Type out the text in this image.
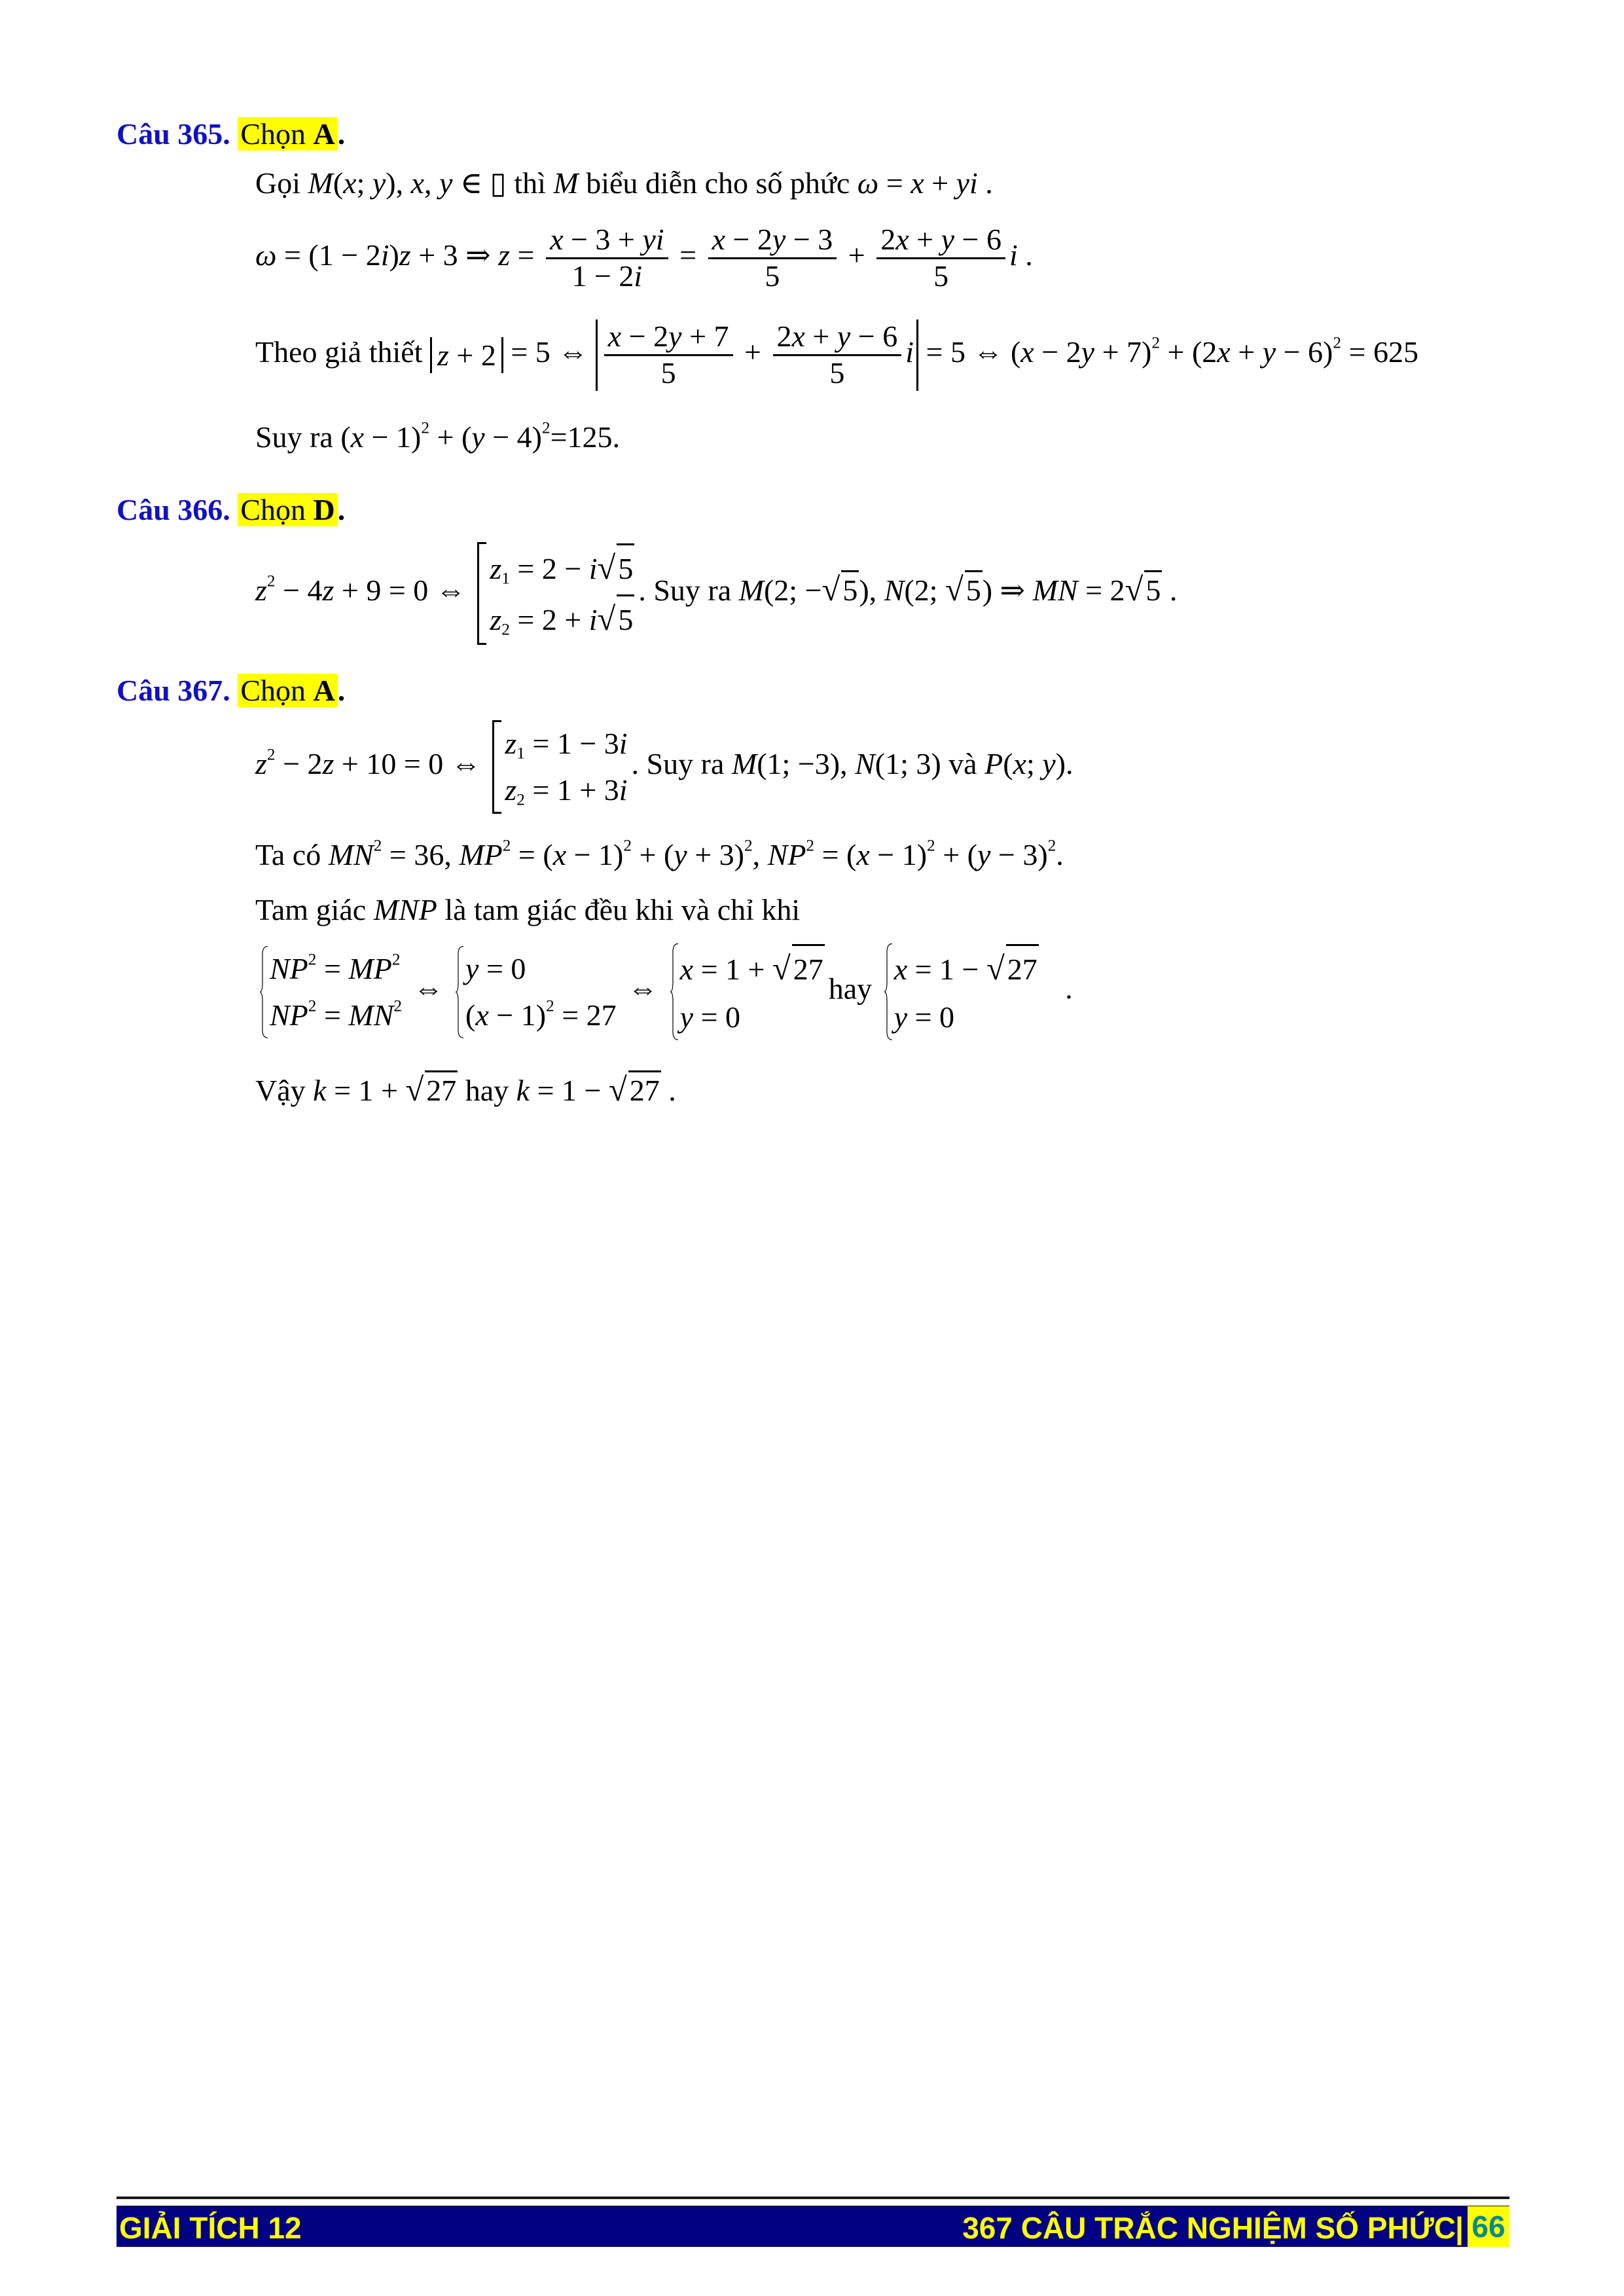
Câu 365. Chọn A.
Gọi M(x; y), x, y ∈ ▯ thì M biểu diễn cho số phức ω = x + yi .
ω = (1 − 2i)z + 3 ⇒ $z = \frac{x - 3 + yi}{1 - 2i} = \frac{x - 2y - 3}{5} + \frac{2x + y - 6}{5}$ i .
Theo giả thiết z + 2 = 5 ⇔ $\frac{x - 2y + 7}{5} + \frac{2x + y - 6}{5}$ i = 5 ⇔ $(x - 2y + 7)^2 + (2x + y - 6)^2 = 625$
Suy ra $(x - 1)^2 + (y - 4)^2=125$.
Câu 366. Chọn D.
$z^2 - 4z + 9 = 0$ ⇔
$z_1 = 2 - i√5$
$z_2 = 2 + i√5$
. Suy ra M(2; −√5), N(2; √5) ⇒ MN = 2√5 .
Câu 367. Chọn A.
$z^2 - 2z + 10 = 0$ ⇔
$z_1 = 1 - 3i$
$z_2 = 1 + 3i$
. Suy ra M(1; −3), N(1; 3) và P(x; y).
Ta có $MN^2 = 36$, $MP^2 = (x - 1)^2 + (y + 3)^2$, $NP^2 = (x - 1)^2 + (y - 3)^2$.
Tam giác MNP là tam giác đều khi và chỉ khi
$NP^2 = MP^2$
$NP^2 = MN^2$
⇔
y = 0
$(x - 1)^2 = 27$
⇔
x = 1 + √27
y = 0
hay
x = 1 − √27
y = 0
.
Vậy k = 1 + √27 hay k = 1 − √27 .
GIẢI TÍCH 12	367 CÂU TRẮC NGHIỆM SỐ PHỨC | 66
